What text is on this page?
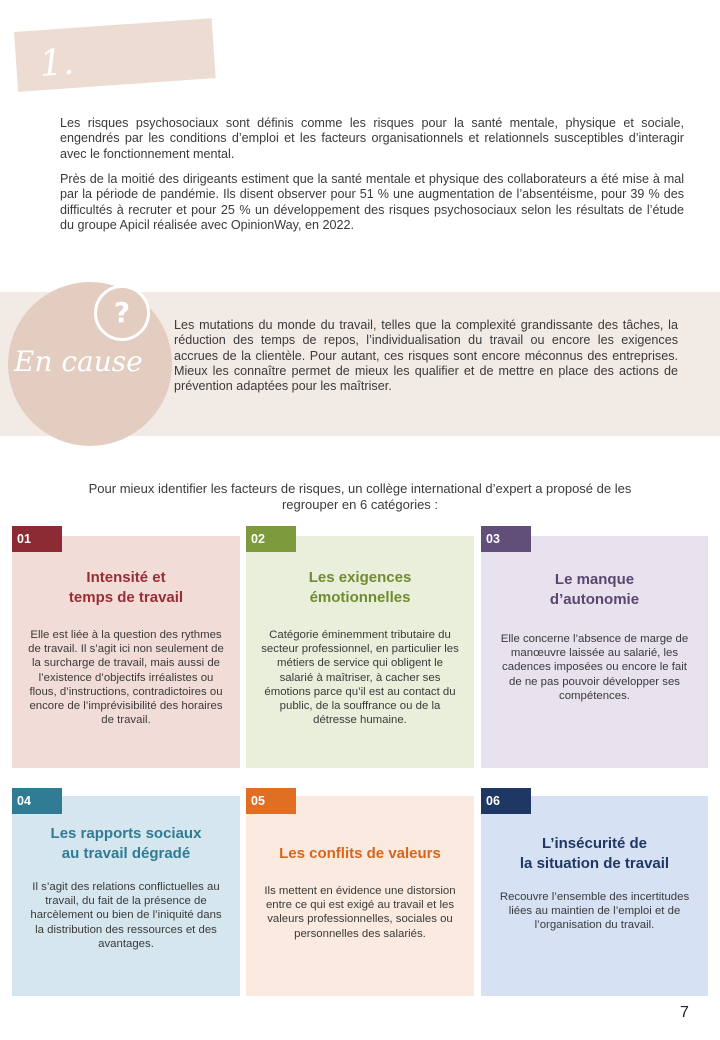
1. Notions

Les risques psychosociaux sont définis comme les risques pour la santé mentale, physique et sociale, engendrés par les conditions d’emploi et les facteurs organisationnels et relationnels susceptibles d’interagir avec le fonctionnement mental.

Près de la moitié des dirigeants estiment que la santé mentale et physique des collaborateurs a été mise à mal par la période de pandémie. Ils disent observer pour 51 % une augmentation de l’absentéisme, pour 39 % des difficultés à recruter et pour 25 % un développement des risques psychosociaux selon les résultats de l’étude du groupe Apicil réalisée avec OpinionWay, en 2022.

?
En cause

Les mutations du monde du travail, telles que la complexité grandissante des tâches, la réduction des temps de repos, l’individualisation du travail ou encore les exigences accrues de la clientèle. Pour autant, ces risques sont encore méconnus des entreprises. Mieux les connaître permet de mieux les qualifier et de mettre en place des actions de prévention adaptées pour les maîtriser.

Pour mieux identifier les facteurs de risques, un collège international d’expert a proposé de les regrouper en 6 catégories :

01
Intensité et
temps de travail

Elle est liée à la question des rythmes de travail. Il s’agit ici non seulement de la surcharge de travail, mais aussi de l’existence d’objectifs irréalistes ou flous, d’instructions, contradictoires ou encore de l’imprévisibilité des horaires de travail.

02
Les exigences
émotionnelles

Catégorie éminemment tributaire du secteur professionnel, en particulier les métiers de service qui obligent le salarié à maîtriser, à cacher ses émotions parce qu’il est au contact du public, de la souffrance ou de la détresse humaine.

03
Le manque
d’autonomie

Elle concerne l’absence de marge de manœuvre laissée au salarié, les cadences imposées ou encore le fait de ne pas pouvoir développer ses compétences.

04
Les rapports sociaux
au travail dégradé

Il s’agit des relations conflictuelles au travail, du fait de la présence de harcèlement ou bien de l’iniquité dans la distribution des ressources et des avantages.

05
Les conflits de valeurs

Ils mettent en évidence une distorsion entre ce qui est exigé au travail et les valeurs professionnelles, sociales ou personnelles des salariés.

06
L’insécurité de
la situation de travail

Recouvre l’ensemble des incertitudes liées au maintien de l’emploi et de l’organisation du travail.

7
